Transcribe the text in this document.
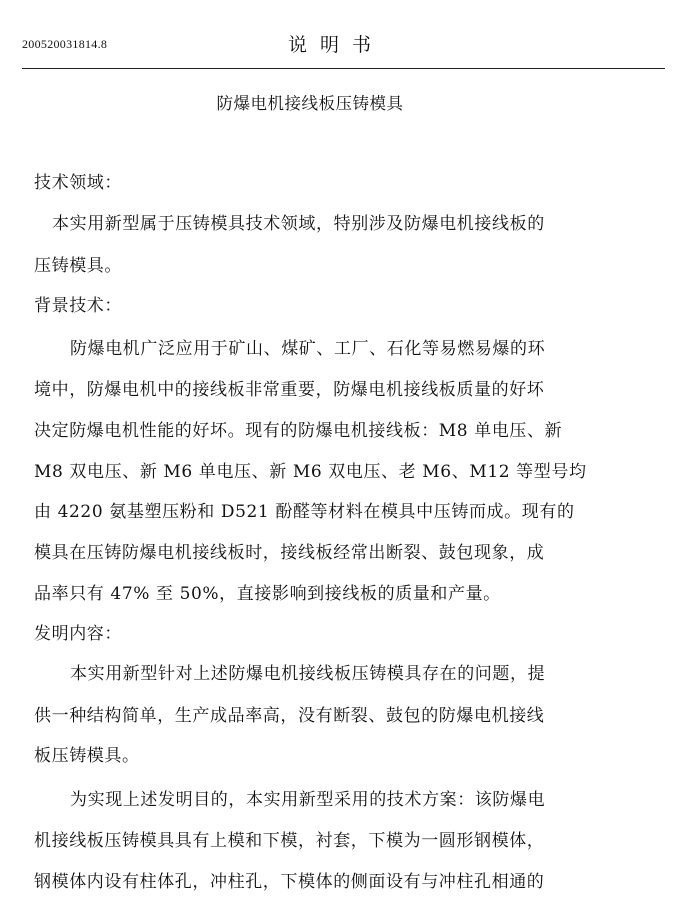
200520031814.8	说明书
防爆电机接线板压铸模具
技术领域：
本实用新型属于压铸模具技术领域，特别涉及防爆电机接线板的
压铸模具。
背景技术：
防爆电机广泛应用于矿山、煤矿、工厂、石化等易燃易爆的环
境中，防爆电机中的接线板非常重要，防爆电机接线板质量的好坏
决定防爆电机性能的好坏。现有的防爆电机接线板：M8 单电压、新
M8 双电压、新 M6 单电压、新 M6 双电压、老 M6、M12 等型号均
由 4220 氨基塑压粉和 D521 酚醛等材料在模具中压铸而成。现有的
模具在压铸防爆电机接线板时，接线板经常出断裂、鼓包现象，成
品率只有 47% 至 50%，直接影响到接线板的质量和产量。
发明内容：
本实用新型针对上述防爆电机接线板压铸模具存在的问题，提
供一种结构简单，生产成品率高，没有断裂、鼓包的防爆电机接线
板压铸模具。
为实现上述发明目的，本实用新型采用的技术方案：该防爆电
机接线板压铸模具具有上模和下模，衬套，下模为一圆形钢模体，
钢模体内设有柱体孔，冲柱孔，下模体的侧面设有与冲柱孔相通的
